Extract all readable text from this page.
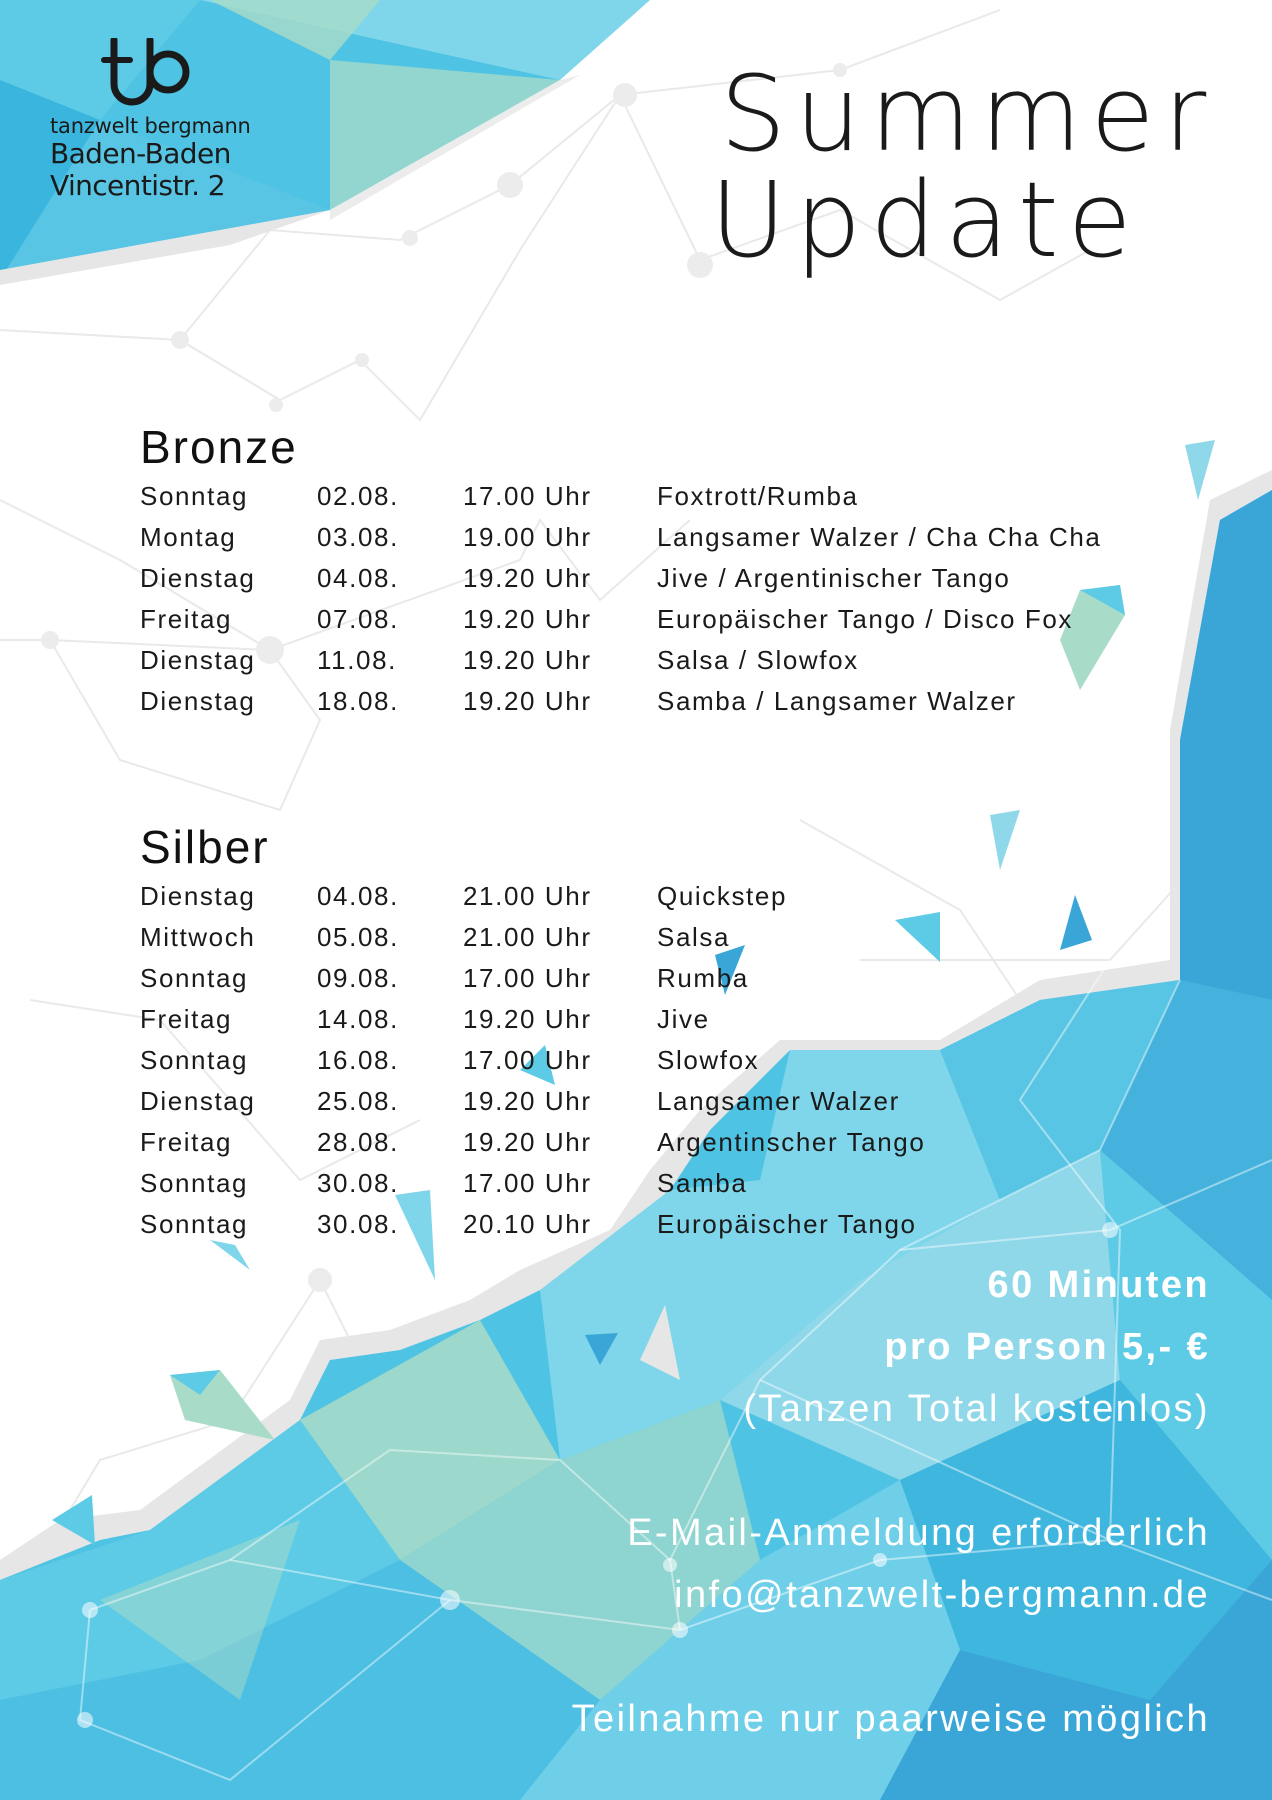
tb
tanzwelt bergmann
Baden-Baden
Vincentistr. 2
Summer
Update
Bronze
Sonntag	02.08.	17.00 Uhr	Foxtrott/Rumba
Montag	03.08.	19.00 Uhr	Langsamer Walzer / Cha Cha Cha
Dienstag	04.08.	19.20 Uhr	Jive / Argentinischer Tango
Freitag	07.08.	19.20 Uhr	Europäischer Tango / Disco Fox
Dienstag	11.08.	19.20 Uhr	Salsa / Slowfox
Dienstag	18.08.	19.20 Uhr	Samba / Langsamer Walzer
Silber
Dienstag	04.08.	21.00 Uhr	Quickstep
Mittwoch	05.08.	21.00 Uhr	Salsa
Sonntag	09.08.	17.00 Uhr	Rumba
Freitag	14.08.	19.20 Uhr	Jive
Sonntag	16.08.	17.00 Uhr	Slowfox
Dienstag	25.08.	19.20 Uhr	Langsamer Walzer
Freitag	28.08.	19.20 Uhr	Argentinscher Tango
Sonntag	30.08.	17.00 Uhr	Samba
Sonntag	30.08.	20.10 Uhr	Europäischer Tango
60 Minuten
pro Person 5,- €
(Tanzen Total kostenlos)
E-Mail-Anmeldung erforderlich
info@tanzwelt-bergmann.de
Teilnahme nur paarweise möglich
